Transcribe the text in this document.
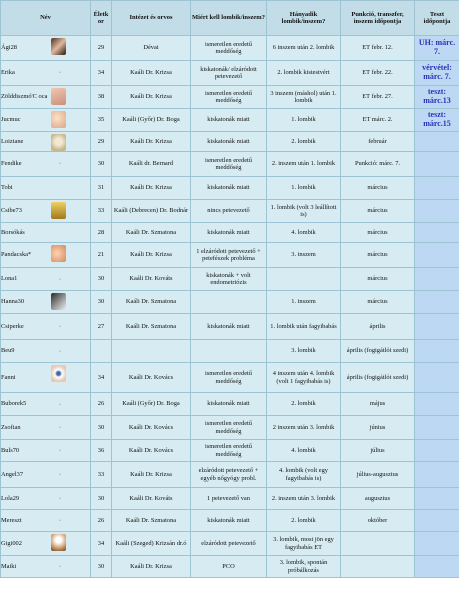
Név	Életkor	Intézet és orvos	Miért kell lombik/inszem?	Hányadik lombik/inszem?	Punkció, transzfer, inszem időpontja	Teszt időpontja
Ági28	29	Dévai	ismeretlen eredetű meddőség	6 inszem után 2. lombik	ET febr. 12.	UH: márc. 7.
Erika ·	34	Kaáli Dr. Krizsa	kiskatonák/ elzáródott petevezető	2. lombik kistestvért	ET febr. 22.	vérvétel: márc. 7.
Zölddiszmó'C oca	38	Kaáli Dr. Krizsa	ismeretlen eredetű meddőség	3 inszem (máshol) után 1. lombik	ET febr. 27.	teszt: márc.13
Jucmuc	35	Kaáli (Győr) Dr. Boga	kiskatonák miatt	1. lombik	ET márc. 2.	teszt: márc.15
Loiziane	29	Kaáli Dr. Krizsa	kiskatonák miatt	2. lombik	február	
Fendike ·	30	Kaáli dr. Bernard	ismeretlen eredetű meddőség	2. inszem után 1. lombik	Punkció: márc. 7.	
Tobi	31	Kaáli Dr. Krizsa	kiskatonák miatt	1. lombik	március	
Csibe73	33	Kaáli (Debrecen) Dr. Bodnár	nincs petevezető	1. lombik (volt 3 leállított is)	március	
Borsókás	28	Kaáli Dr. Szmatona	kiskatonák miatt	4. lombik	március	
Pandacska*	21	Kaáli Dr. Krizsa	1 elzáródott petevezető + petefészek probléma	3. inszem	március	
Lona1 ·	30	Kaáli Dr. Kováts	kiskatonák + volt endometriózis		március	
Hanna30	30	Kaáli Dr. Szmatona		1. inszem	március	
Csiperke ·	27	Kaáli Dr. Szmatona	kiskatonák miatt	1. lombik után fagyibabás	április	
Beu9 ·				3. lombik	április (fogigátlót szedi)	
Fanni	34	Kaáli Dr. Kovács	ismeretlen eredetű meddőség	4 inszem után 4. lombik (volt 1 fagyibabás is)	április (fogigátlót szedi)	
Buborek5 ·	26	Kaáli (Győr) Dr. Boga	kiskatonák miatt	2. lombik	május	
Zsofian ·	30	Kaáli Dr. Kovács	ismeretlen eredetű meddőség	2 inszem után 3. lombik	június	
Buls70 ·	36	Kaáli Dr. Kovács	ismeretlen eredetű meddőség	4. lombik	július	
Angel37 ·	33	Kaáli Dr. Krizsa	elzáródott petevezető + egyéb nőgyógy probl.	4. lombik (volt egy fagyibabás is)	július-augusztus	
Lola29 ·	30	Kaáli Dr. Kováts	1 petevezető van	2. inszem után 3. lombik	augusztus	
Mereszt ·	26	Kaáli Dr. Szmatona	kiskatonák miatt	2. lombik	október	
Gigi002	34	Kaáli (Szeged) Krizsán dr.ó	elzáródott petevezető	3. lombik, most jön egy fagyibabás ET		
Maiki ·	30	Kaáli Dr. Krizsa	PCO	3. lombik, spontán próbálkozás		
